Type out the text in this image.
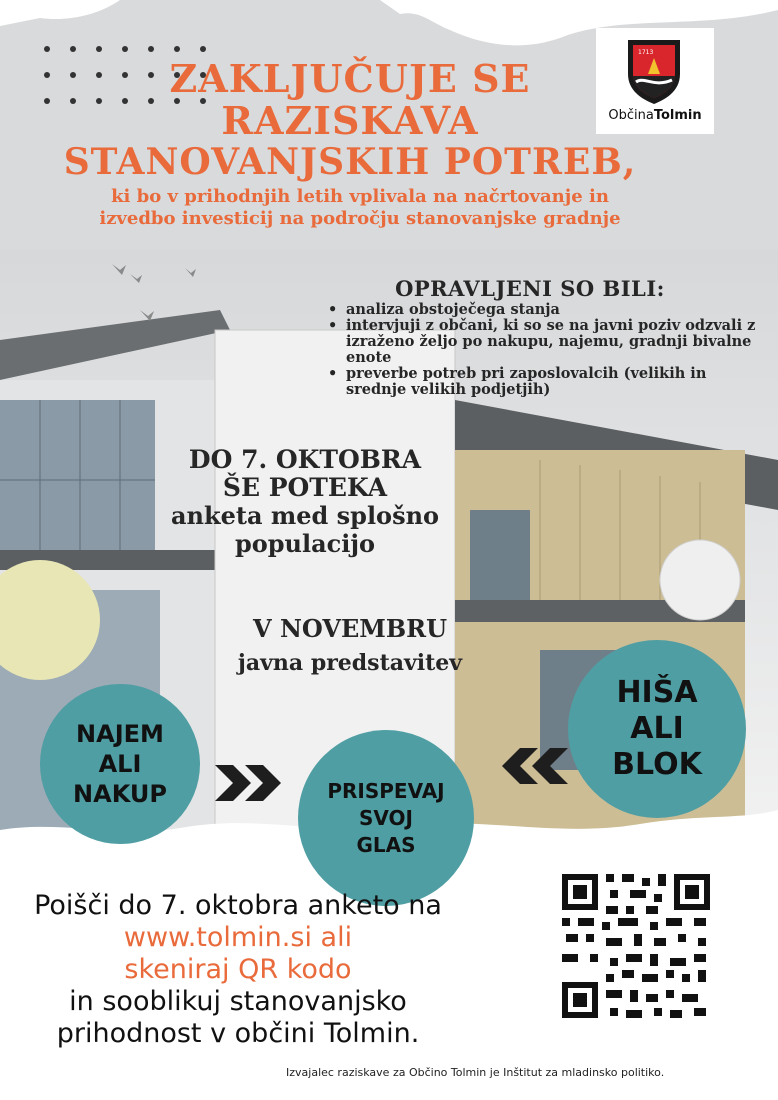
1713
ObčinaTolmin
ZAKLJUČUJE SE
RAZISKAVA
STANOVANJSKIH POTREB,
ki bo v prihodnjih letih vplivala na načrtovanje in
izvedbo investicij na področju stanovanjske gradnje
OPRAVLJENI SO BILI:
• analiza obstoječega stanja
• intervjuji z občani, ki so se na javni poziv odzvali z izraženo željo po nakupu, najemu, gradnji bivalne enote
• preverbe potreb pri zaposlovalcih (velikih in srednje velikih podjetjih)
DO 7. OKTOBRA
ŠE POTEKA
anketa med splošno
populacijo
V NOVEMBRU
javna predstavitev
NAJEM
ALI
NAKUP	PRISPEVAJ
SVOJ
GLAS
HIŠA
ALI
BLOK
Poišči do 7. oktobra anketo na
www.tolmin.si ali
skeniraj QR kodo
in sooblikuj stanovanjsko
prihodnost v občini Tolmin.
Izvajalec raziskave za Občino Tolmin je Inštitut za mladinsko politiko.
